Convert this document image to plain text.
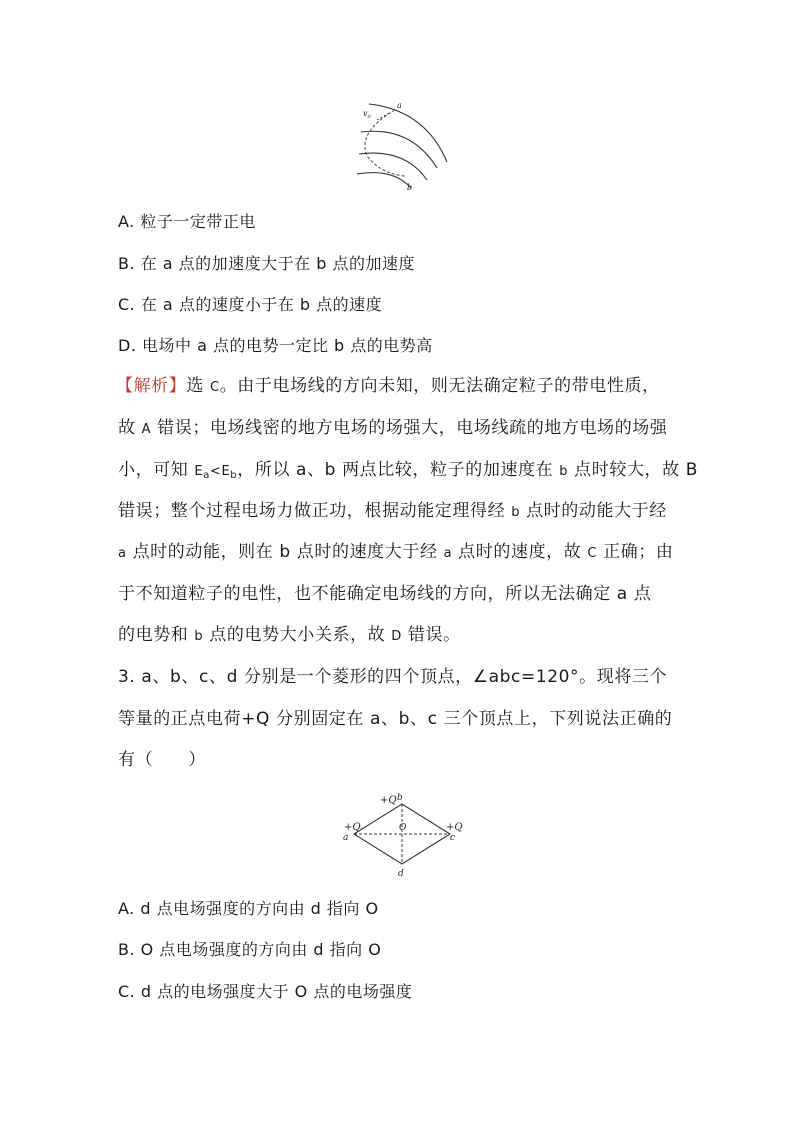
a
b
$v_0$
A. 粒子一定带正电
B. 在 a 点的加速度大于在 b 点的加速度
C. 在 a 点的速度小于在 b 点的速度
D. 电场中 a 点的电势一定比 b 点的电势高
【解析】选 C。由于电场线的方向未知，则无法确定粒子的带电性质，
故 A 错误；电场线密的地方电场的场强大，电场线疏的地方电场的场强
小，可知 $E_a<E_b$，所以 a、b 两点比较，粒子的加速度在 b 点时较大，故 B
错误；整个过程电场力做正功，根据动能定理得经 b 点时的动能大于经
a 点时的动能，则在 b 点时的速度大于经 a 点时的速度，故 C 正确；由
于不知道粒子的电性，也不能确定电场线的方向，所以无法确定 a 点
的电势和 b 点的电势大小关系，故 D 错误。
3. a、b、c、d 分别是一个菱形的四个顶点，∠abc=120°。现将三个
等量的正点电荷+Q 分别固定在 a、b、c 三个顶点上，下列说法正确的
有（　　）
+Q b
+Q
a
+Q
c
O
d
A. d 点电场强度的方向由 d 指向 O
B. O 点电场强度的方向由 d 指向 O
C. d 点的电场强度大于 O 点的电场强度
